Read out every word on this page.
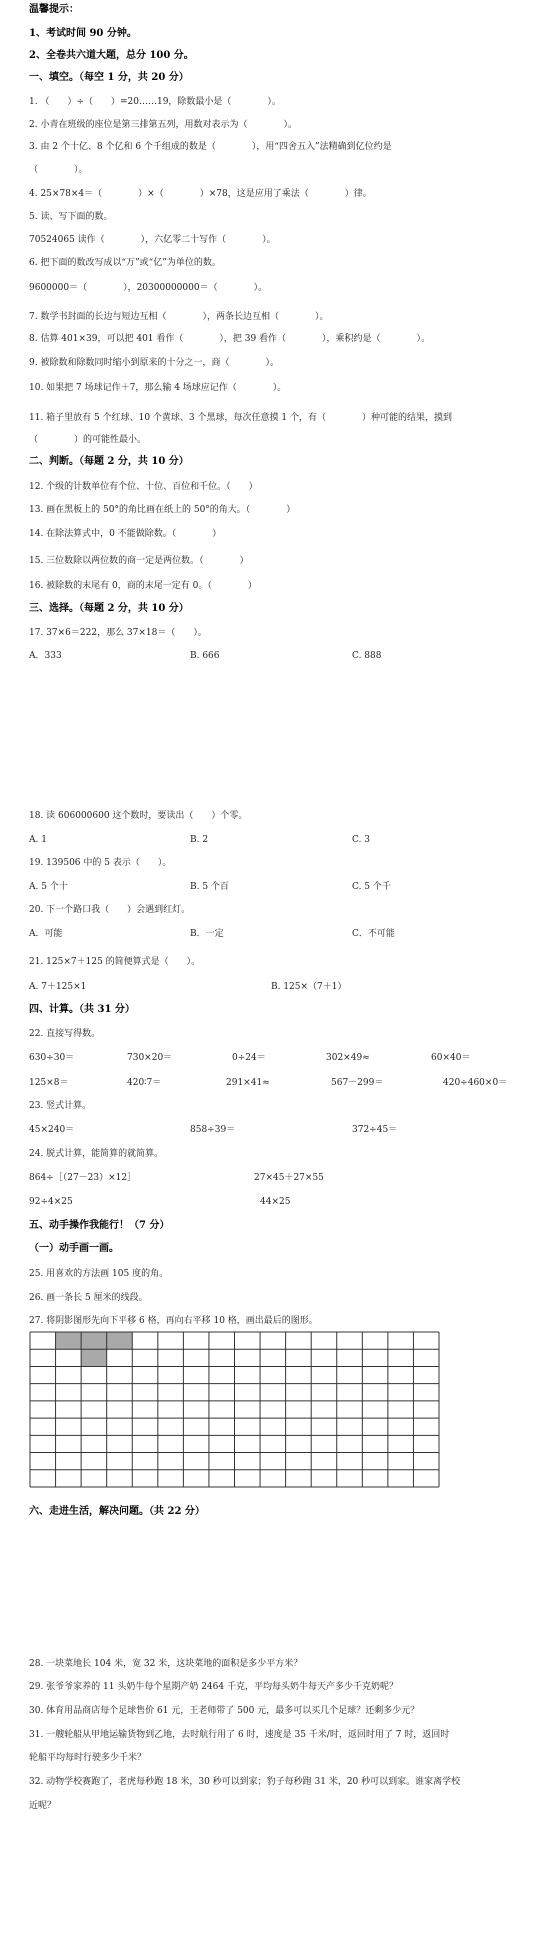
温馨提示：
1、考试时间 90 分钟。
2、全卷共六道大题，总分 100 分。
一、填空。（每空 1 分，共 20 分）
1. （　　）÷（　　）=20……19，除数最小是（　　　　）。
2. 小青在班级的座位是第三排第五列，用数对表示为（　　　　）。
3. 由 2 个十亿、8 个亿和 6 个千组成的数是（　　　　），用“四舍五入”法精确到亿位约是
（　　　　）。
4. 25×78×4＝（　　　　）×（　　　　）×78，这是应用了乘法（　　　　）律。
5. 读、写下面的数。
70524065 读作（　　　　），六亿零二十写作（　　　　）。
6. 把下面的数改写成以“万”或“亿”为单位的数。
9600000＝（　　　　），20300000000＝（　　　　）。
7. 数学书封面的长边与短边互相（　　　　），两条长边互相（　　　　）。
8. 估算 401×39，可以把 401 看作（　　　　），把 39 看作（　　　　），乘积约是（　　　　）。
9. 被除数和除数同时缩小到原来的十分之一，商（　　　　）。
10. 如果把 7 场球记作＋7，那么输 4 场球应记作（　　　　）。
11. 箱子里放有 5 个红球、10 个黄球、3 个黑球，每次任意摸 1 个，有（　　　　）种可能的结果，摸到
（　　　　）的可能性最小。
二、判断。（每题 2 分，共 10 分）
12. 个级的计数单位有个位、十位、百位和千位。（　　）
13. 画在黑板上的 50°的角比画在纸上的 50°的角大。（　　　　）
14. 在除法算式中，0 不能做除数。（　　　　）
15. 三位数除以两位数的商一定是两位数。（　　　　）
16. 被除数的末尾有 0，商的末尾一定有 0。（　　　　）
三、选择。（每题 2 分，共 10 分）
17. 37×6＝222，那么 37×18＝（　　）。
A．333	B. 666	C. 888
18. 读 606000600 这个数时，要读出（　　）个零。
A. 1	B. 2	C. 3
19. 139506 中的 5 表示（　　）。
A. 5 个十	B. 5 个百	C. 5 个千
20. 下一个路口我（　　）会遇到红灯。
A．可能	B．一定	C．不可能
21. 125×7＋125 的简便算式是（　　）。
A. 7＋125×1	B. 125×（7＋1）
四、计算。（共 31 分）
22. 直接写得数。
630÷30＝	730×20＝	0÷24＝	302×49≈	60×40＝
125×8＝	420∶7＝	291×41≈	567－299＝	420÷460×0＝
23. 竖式计算。
45×240＝	858÷39＝	372÷45＝
24. 脱式计算，能简算的就简算。
864÷［（27－23）×12］	27×45＋27×55
92÷4×25	44×25
五、动手操作我能行！（7 分）
（一）动手画一画。
25. 用喜欢的方法画 105 度的角。
26. 画一条长 5 厘米的线段。
27. 将阴影图形先向下平移 6 格，再向右平移 10 格，画出最后的图形。
六、走进生活，解决问题。（共 22 分）
28. 一块菜地长 104 米，宽 32 米，这块菜地的面积是多少平方米？
29. 张爷爷家养的 11 头奶牛每个星期产奶 2464 千克，平均每头奶牛每天产多少千克奶呢？
30. 体育用品商店每个足球售价 61 元，王老师带了 500 元，最多可以买几个足球？还剩多少元？
31. 一艘轮船从甲地运输货物到乙地，去时航行用了 6 时，速度是 35 千米/时，返回时用了 7 时，返回时
轮船平均每时行驶多少千米？
32. 动物学校赛跑了，老虎每秒跑 18 米，30 秒可以到家；豹子每秒跑 31 米，20 秒可以到家。谁家离学校
近呢？
